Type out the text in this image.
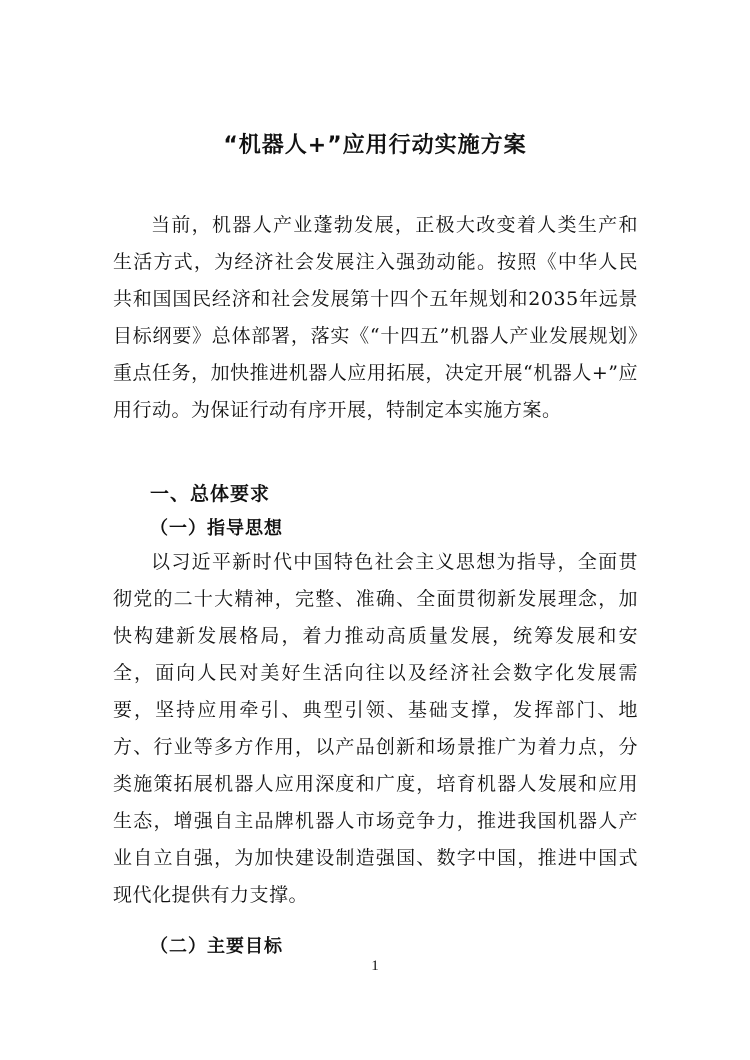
“机器人+”应用行动实施方案

当前，机器人产业蓬勃发展，正极大改变着人类生产和生活方式，为经济社会发展注入强劲动能。按照《中华人民共和国国民经济和社会发展第十四个五年规划和2035年远景目标纲要》总体部署，落实《“十四五”机器人产业发展规划》重点任务，加快推进机器人应用拓展，决定开展“机器人+”应用行动。为保证行动有序开展，特制定本实施方案。

一、总体要求
（一）指导思想

以习近平新时代中国特色社会主义思想为指导，全面贯彻党的二十大精神，完整、准确、全面贯彻新发展理念，加快构建新发展格局，着力推动高质量发展，统筹发展和安全，面向人民对美好生活向往以及经济社会数字化发展需要，坚持应用牵引、典型引领、基础支撑，发挥部门、地方、行业等多方作用，以产品创新和场景推广为着力点，分类施策拓展机器人应用深度和广度，培育机器人发展和应用生态，增强自主品牌机器人市场竞争力，推进我国机器人产业自立自强，为加快建设制造强国、数字中国，推进中国式现代化提供有力支撑。

（二）主要目标
1
